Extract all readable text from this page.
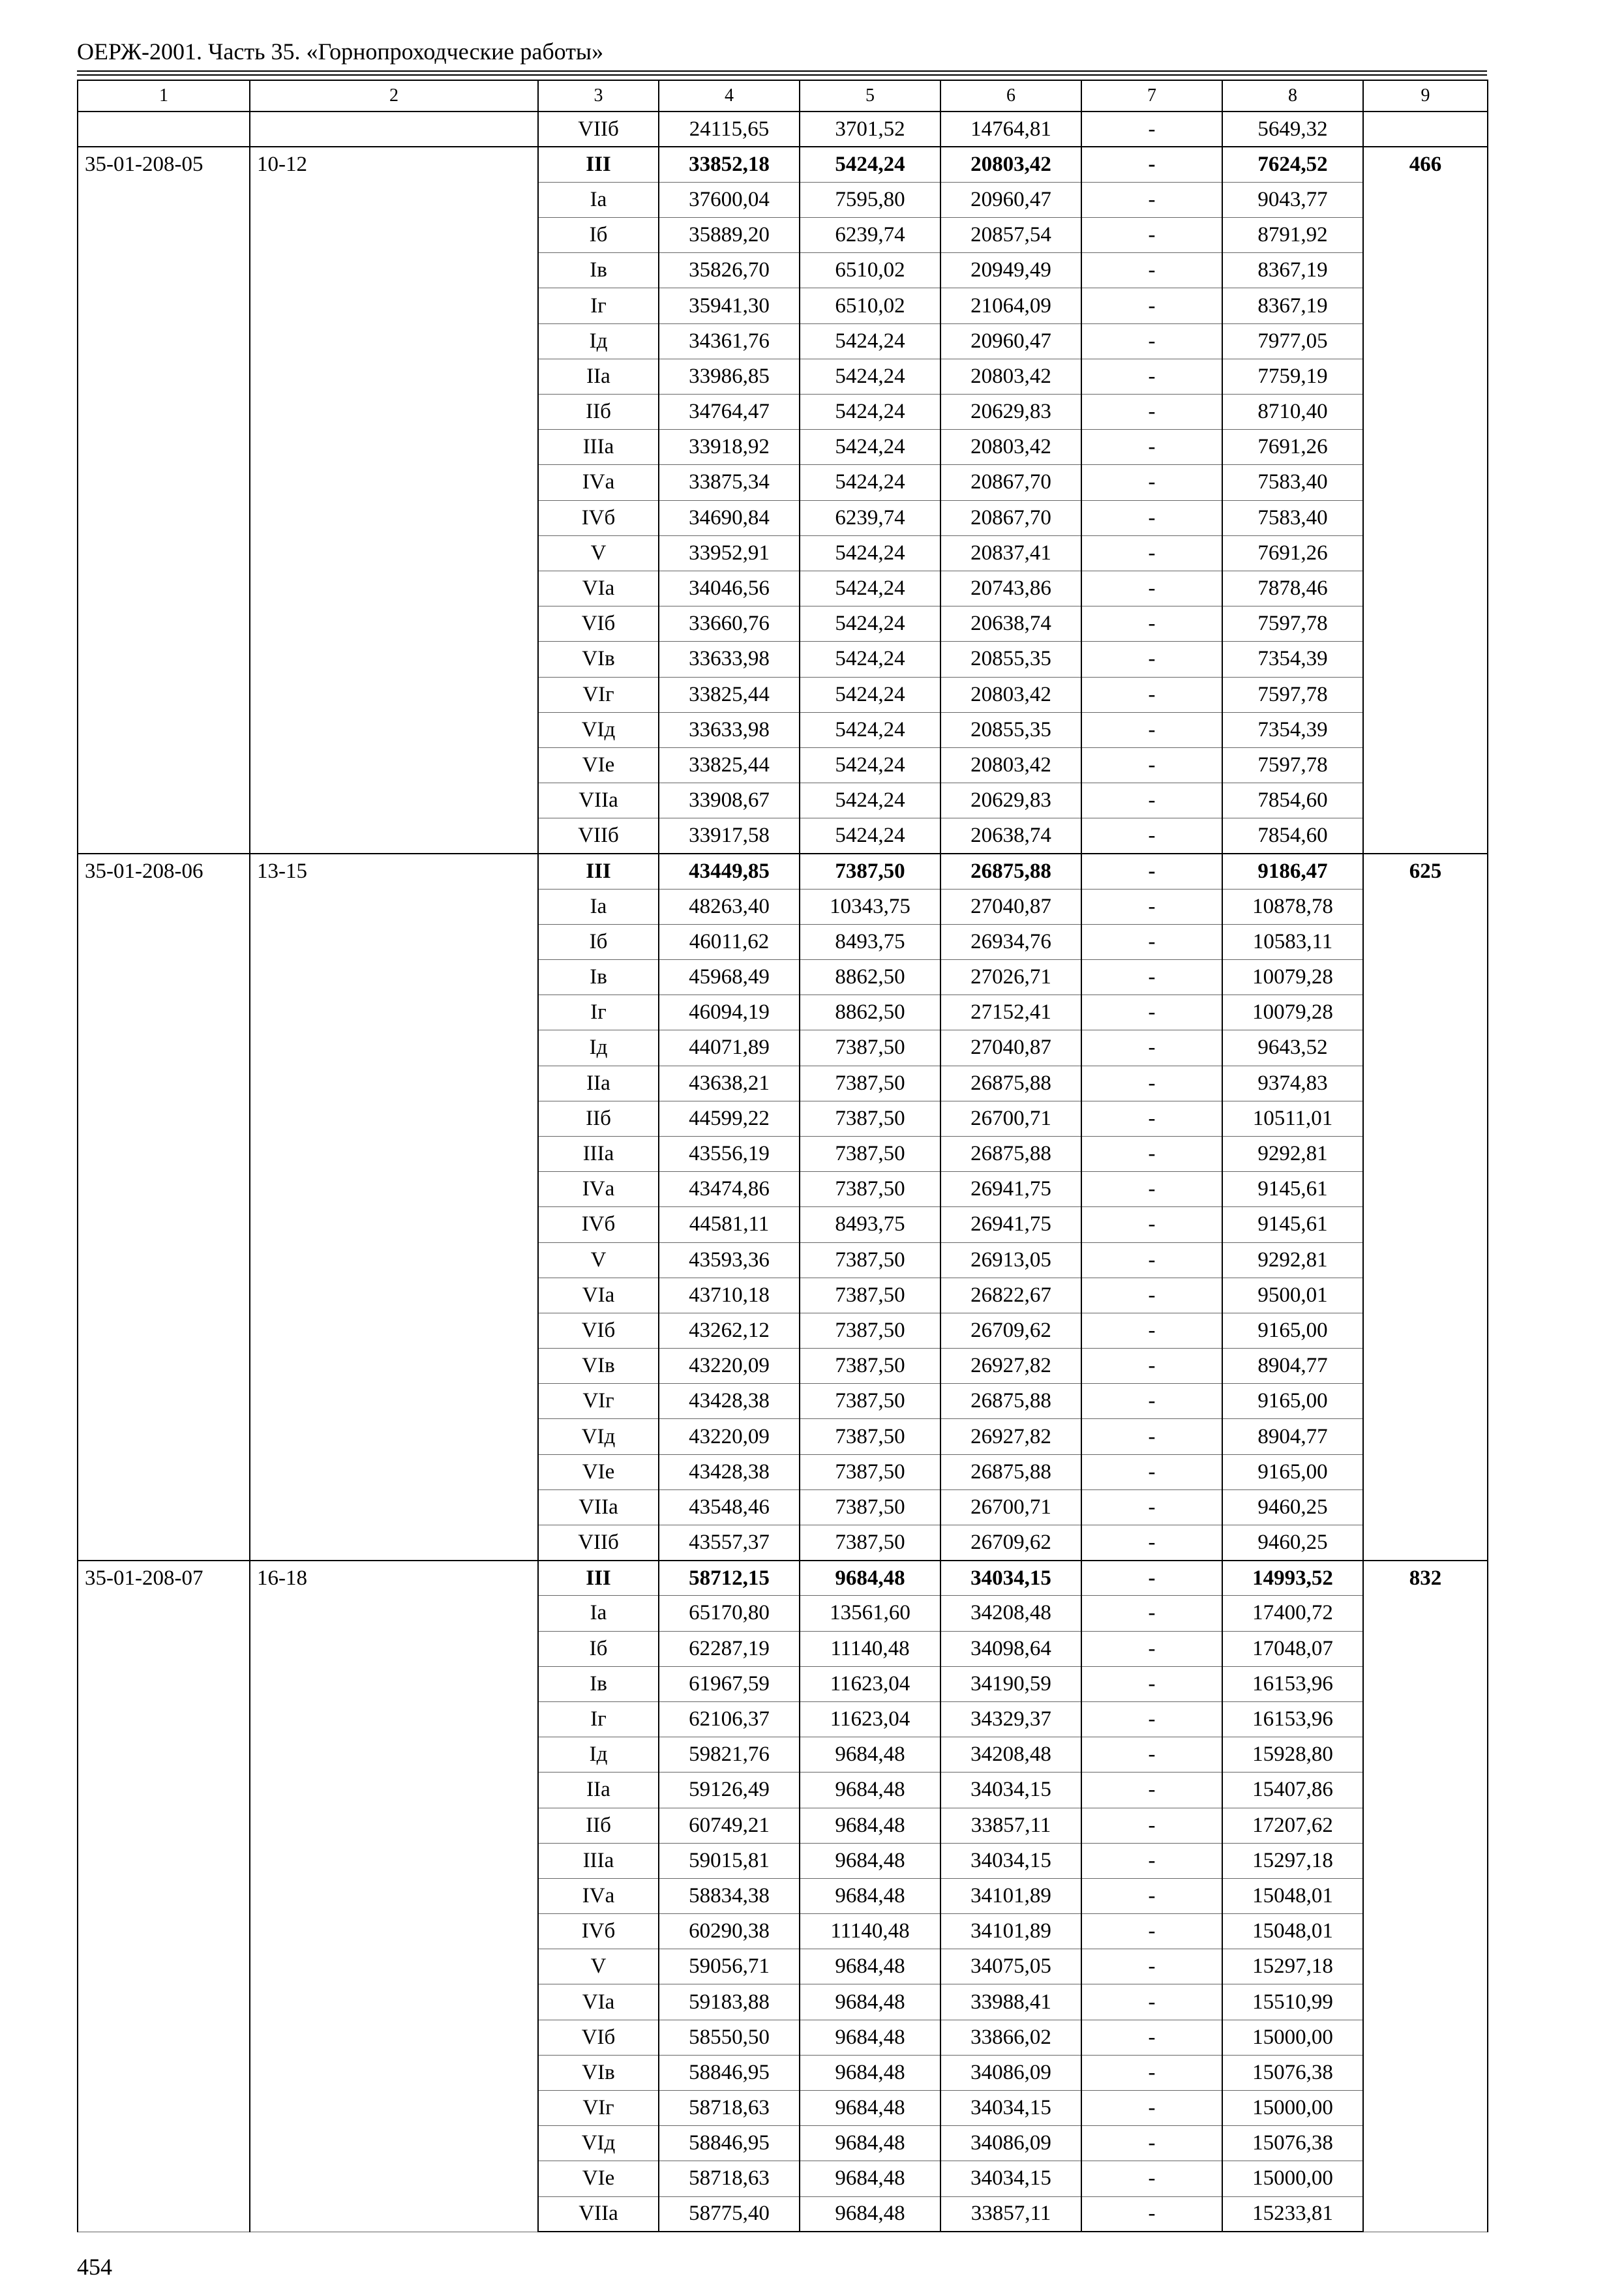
ОЕРЖ-2001. Часть 35. «Горнопроходческие работы»
1	2	3	4	5	6	7	8	9
		VIIб	24115,65	3701,52	14764,81	-	5649,32	
35-01-208-05	10-12	III	33852,18	5424,24	20803,42	-	7624,52	466
		Iа	37600,04	7595,80	20960,47	-	9043,77	
		Iб	35889,20	6239,74	20857,54	-	8791,92	
		Iв	35826,70	6510,02	20949,49	-	8367,19	
		Iг	35941,30	6510,02	21064,09	-	8367,19	
		Iд	34361,76	5424,24	20960,47	-	7977,05	
		IIа	33986,85	5424,24	20803,42	-	7759,19	
		IIб	34764,47	5424,24	20629,83	-	8710,40	
		IIIа	33918,92	5424,24	20803,42	-	7691,26	
		IVа	33875,34	5424,24	20867,70	-	7583,40	
		IVб	34690,84	6239,74	20867,70	-	7583,40	
		V	33952,91	5424,24	20837,41	-	7691,26	
		VIа	34046,56	5424,24	20743,86	-	7878,46	
		VIб	33660,76	5424,24	20638,74	-	7597,78	
		VIв	33633,98	5424,24	20855,35	-	7354,39	
		VIг	33825,44	5424,24	20803,42	-	7597,78	
		VIд	33633,98	5424,24	20855,35	-	7354,39	
		VIе	33825,44	5424,24	20803,42	-	7597,78	
		VIIа	33908,67	5424,24	20629,83	-	7854,60	
		VIIб	33917,58	5424,24	20638,74	-	7854,60	
35-01-208-06	13-15	III	43449,85	7387,50	26875,88	-	9186,47	625
		Iа	48263,40	10343,75	27040,87	-	10878,78	
		Iб	46011,62	8493,75	26934,76	-	10583,11	
		Iв	45968,49	8862,50	27026,71	-	10079,28	
		Iг	46094,19	8862,50	27152,41	-	10079,28	
		Iд	44071,89	7387,50	27040,87	-	9643,52	
		IIа	43638,21	7387,50	26875,88	-	9374,83	
		IIб	44599,22	7387,50	26700,71	-	10511,01	
		IIIа	43556,19	7387,50	26875,88	-	9292,81	
		IVа	43474,86	7387,50	26941,75	-	9145,61	
		IVб	44581,11	8493,75	26941,75	-	9145,61	
		V	43593,36	7387,50	26913,05	-	9292,81	
		VIа	43710,18	7387,50	26822,67	-	9500,01	
		VIб	43262,12	7387,50	26709,62	-	9165,00	
		VIв	43220,09	7387,50	26927,82	-	8904,77	
		VIг	43428,38	7387,50	26875,88	-	9165,00	
		VIд	43220,09	7387,50	26927,82	-	8904,77	
		VIе	43428,38	7387,50	26875,88	-	9165,00	
		VIIа	43548,46	7387,50	26700,71	-	9460,25	
		VIIб	43557,37	7387,50	26709,62	-	9460,25	
35-01-208-07	16-18	III	58712,15	9684,48	34034,15	-	14993,52	832
		Iа	65170,80	13561,60	34208,48	-	17400,72	
		Iб	62287,19	11140,48	34098,64	-	17048,07	
		Iв	61967,59	11623,04	34190,59	-	16153,96	
		Iг	62106,37	11623,04	34329,37	-	16153,96	
		Iд	59821,76	9684,48	34208,48	-	15928,80	
		IIа	59126,49	9684,48	34034,15	-	15407,86	
		IIб	60749,21	9684,48	33857,11	-	17207,62	
		IIIа	59015,81	9684,48	34034,15	-	15297,18	
		IVа	58834,38	9684,48	34101,89	-	15048,01	
		IVб	60290,38	11140,48	34101,89	-	15048,01	
		V	59056,71	9684,48	34075,05	-	15297,18	
		VIа	59183,88	9684,48	33988,41	-	15510,99	
		VIб	58550,50	9684,48	33866,02	-	15000,00	
		VIв	58846,95	9684,48	34086,09	-	15076,38	
		VIг	58718,63	9684,48	34034,15	-	15000,00	
		VIд	58846,95	9684,48	34086,09	-	15076,38	
		VIе	58718,63	9684,48	34034,15	-	15000,00	
		VIIа	58775,40	9684,48	33857,11	-	15233,81	
454
